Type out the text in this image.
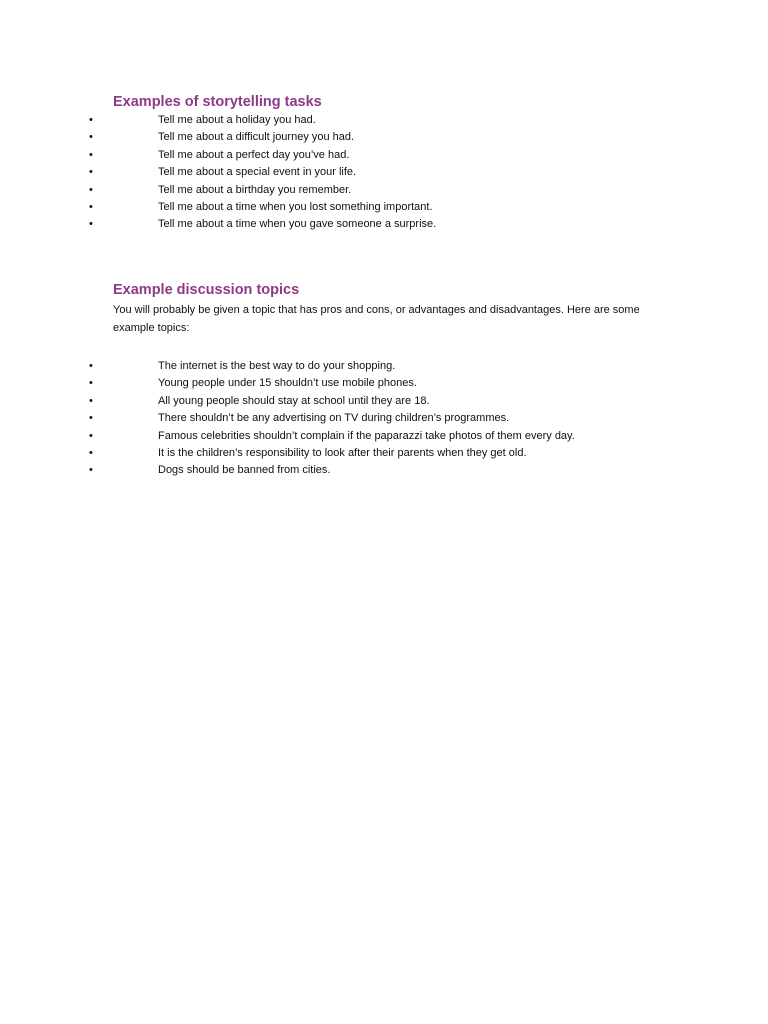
Examples of storytelling tasks
•	Tell me about a holiday you had.
•	Tell me about a difficult journey you had.
•	Tell me about a perfect day you’ve had.
•	Tell me about a special event in your life.
•	Tell me about a birthday you remember.
•	Tell me about a time when you lost something important.
•	Tell me about a time when you gave someone a surprise.
Example discussion topics

You will probably be given a topic that has pros and cons, or advantages and disadvantages. Here are some example topics:

•	The internet is the best way to do your shopping.
•	Young people under 15 shouldn’t use mobile phones.
•	All young people should stay at school until they are 18.
•	There shouldn’t be any advertising on TV during children’s programmes.
•	Famous celebrities shouldn’t complain if the paparazzi take photos of them every day.
•	It is the children’s responsibility to look after their parents when they get old.
•	Dogs should be banned from cities.
